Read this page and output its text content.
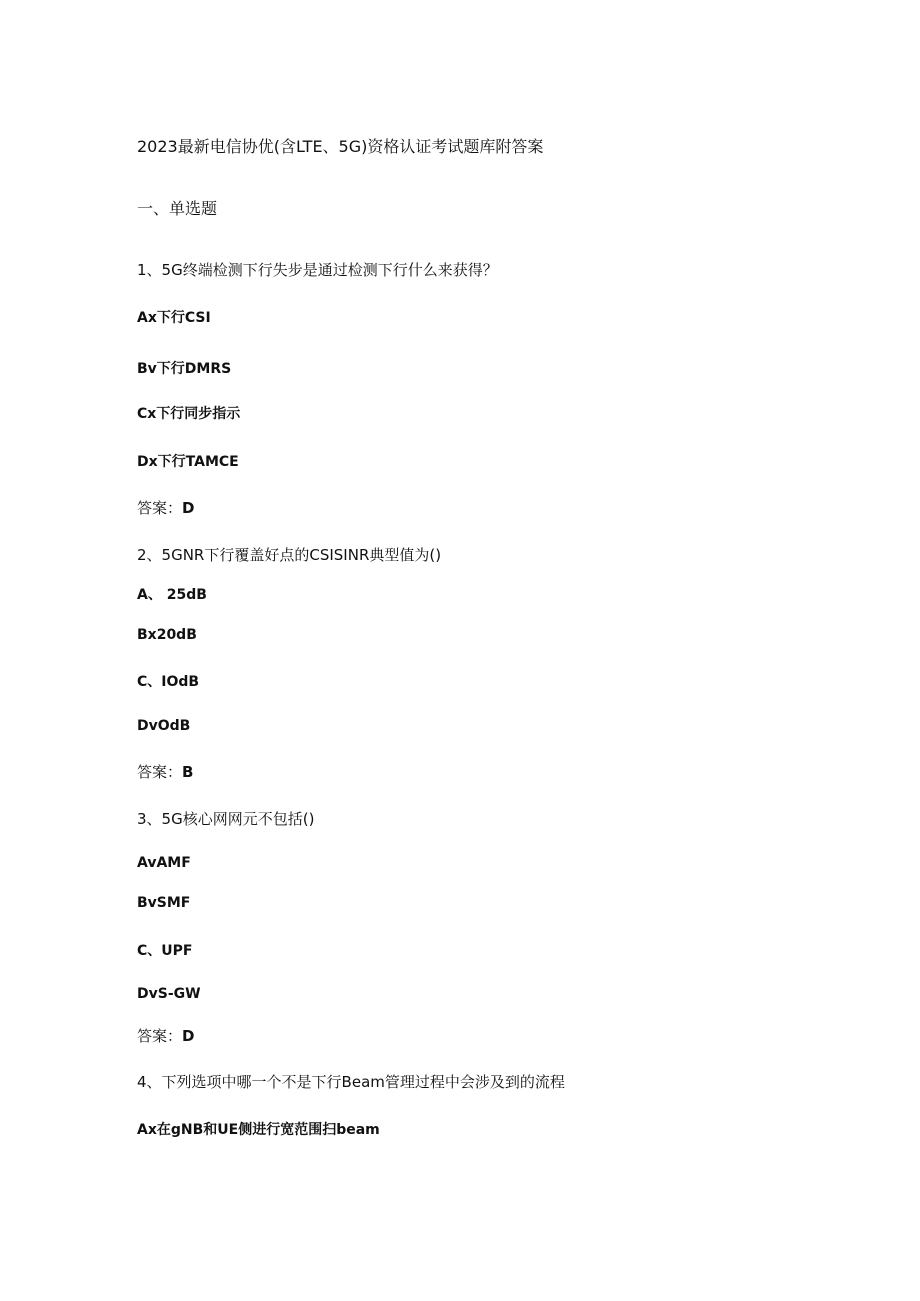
2023最新电信协优(含LTE、5G)资格认证考试题库附答案
一、单选题
1、5G终端检测下行失步是通过检测下行什么来获得？
Ax下行CSI
Bv下行DMRS
Cx下行同步指示
Dx下行TAMCE
答案：D
2、5GNR下行覆盖好点的CSISINR典型值为()
A、 25dB
Bx20dB
C、IOdB
DvOdB
答案：B
3、5G核心网网元不包括()
AvAMF
BvSMF
C、UPF
DvS-GW
答案：D
4、下列选项中哪一个不是下行Beam管理过程中会涉及到的流程
Ax在gNB和UE侧进行宽范围扫beam
